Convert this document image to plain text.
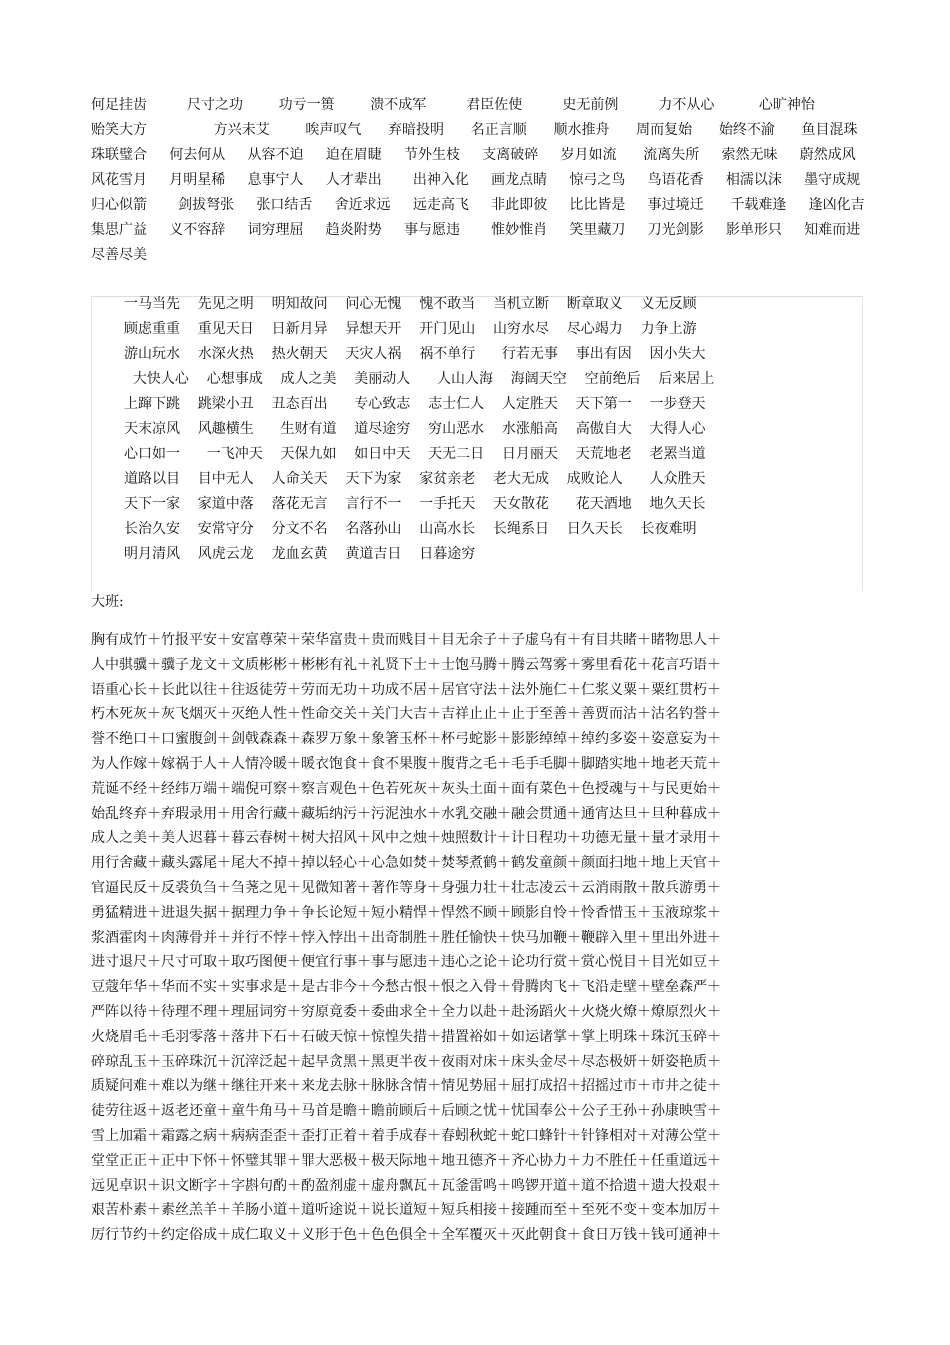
何足挂齿         尺寸之功        功亏一篑        溃不成军         君臣佐使         史无前例         力不从心          心旷神怡
贻笑大方               方兴未艾        唉声叹气      弃暗投明      名正言顺      顺水推舟      周而复始      始终不渝      鱼目混珠
珠联璧合     何去何从     从容不迫     迫在眉睫     节外生枝     支离破碎     岁月如流      流离失所     索然无味     蔚然成风
风花雪月     月明星稀     息事宁人     人才辈出       出神入化     画龙点睛     惊弓之鸟     鸟语花香     相濡以沫     墨守成规
归心似箭       剑拔弩张     张口结舌     舍近求远     远走高飞     非此即彼     比比皆是     事过境迁      千载难逢     逢凶化吉
集思广益     义不容辞     词穷理屈     趋炎附势     事与愿违       惟妙惟肖     笑里藏刀     刀光剑影     影单形只     知难而进
尽善尽美
一马当先    先见之明    明知故问    问心无愧    愧不敢当    当机立断    断章取义    义无反顾
顾虑重重    重见天日    日新月异    异想天开    开门见山    山穷水尽    尽心竭力    力争上游
游山玩水    水深火热    热火朝天    天灾人祸    祸不单行      行若无事    事出有因    因小失大
大快人心    心想事成    成人之美    美丽动人      人山人海    海阔天空    空前绝后    后来居上
上蹿下跳    跳梁小丑    丑态百出      专心致志    志士仁人    人定胜天    天下第一    一步登天
天末凉风    风趣横生      生财有道    道尽途穷    穷山恶水    水涨船高    高傲自大    大得人心
心口如一      一飞冲天    天保九如    如日中天    天无二日    日月丽天    天荒地老    老罴当道
道路以目    目中无人    人命关天    天下为家    家贫亲老    老大无成    成败论人      人众胜天
天下一家    家道中落    落花无言    言行不一    一手托天    天女散花      花天酒地    地久天长
长治久安    安常守分    分文不名    名落孙山    山高水长    长绳系日    日久天长    长夜难明
明月清风    风虎云龙    龙血玄黄    黄道吉日    日暮途穷
大班:
胸有成竹＋竹报平安＋安富尊荣＋荣华富贵＋贵而贱目＋目无余子＋子虚乌有＋有目共睹＋睹物思人＋
人中骐骥＋骥子龙文＋文质彬彬＋彬彬有礼＋礼贤下士＋士饱马腾＋腾云驾雾＋雾里看花＋花言巧语＋
语重心长＋长此以往＋往返徒劳＋劳而无功＋功成不居＋居官守法＋法外施仁＋仁浆义粟＋粟红贯朽＋
朽木死灰＋灰飞烟灭＋灭绝人性＋性命交关＋关门大吉＋吉祥止止＋止于至善＋善贾而沽＋沽名钓誉＋
誉不绝口＋口蜜腹剑＋剑戟森森＋森罗万象＋象箸玉杯＋杯弓蛇影＋影影绰绰＋绰约多姿＋姿意妄为＋
为人作嫁＋嫁祸于人＋人情冷暖＋暖衣饱食＋食不果腹＋腹背之毛＋毛手毛脚＋脚踏实地＋地老天荒＋
荒诞不经＋经纬万端＋端倪可察＋察言观色＋色若死灰＋灰头土面＋面有菜色＋色授魂与＋与民更始＋
始乱终弃＋弃瑕录用＋用舍行藏＋藏垢纳污＋污泥浊水＋水乳交融＋融会贯通＋通宵达旦＋旦种暮成＋
成人之美＋美人迟暮＋暮云春树＋树大招风＋风中之烛＋烛照数计＋计日程功＋功德无量＋量才录用＋
用行舍藏＋藏头露尾＋尾大不掉＋掉以轻心＋心急如焚＋焚琴煮鹤＋鹤发童颜＋颜面扫地＋地上天官＋
官逼民反＋反裘负刍＋刍荛之见＋见微知著＋著作等身＋身强力壮＋壮志凌云＋云消雨散＋散兵游勇＋
勇猛精进＋进退失据＋据理力争＋争长论短＋短小精悍＋悍然不顾＋顾影自怜＋怜香惜玉＋玉液琼浆＋
浆酒霍肉＋肉薄骨并＋并行不悖＋悖入悖出＋出奇制胜＋胜任愉快＋快马加鞭＋鞭辟入里＋里出外进＋
进寸退尺＋尺寸可取＋取巧图便＋便宜行事＋事与愿违＋违心之论＋论功行赏＋赏心悦目＋目光如豆＋
豆蔻年华＋华而不实＋实事求是＋是古非今＋今愁古恨＋恨之入骨＋骨腾肉飞＋飞沿走壁＋壁垒森严＋
严阵以待＋待理不理＋理屈词穷＋穷原竟委＋委曲求全＋全力以赴＋赴汤蹈火＋火烧火燎＋燎原烈火＋
火烧眉毛＋毛羽零落＋落井下石＋石破天惊＋惊惶失措＋措置裕如＋如运诸掌＋掌上明珠＋珠沉玉碎＋
碎琼乱玉＋玉碎珠沉＋沉滓泛起＋起早贪黑＋黑更半夜＋夜雨对床＋床头金尽＋尽态极妍＋妍姿艳质＋
质疑问难＋难以为继＋继往开来＋来龙去脉＋脉脉含情＋情见势屈＋屈打成招＋招摇过市＋市井之徒＋
徒劳往返＋返老还童＋童牛角马＋马首是瞻＋瞻前顾后＋后顾之忧＋忧国奉公＋公子王孙＋孙康映雪＋
雪上加霜＋霜露之病＋病病歪歪＋歪打正着＋着手成春＋春蚓秋蛇＋蛇口蜂针＋针锋相对＋对薄公堂＋
堂堂正正＋正中下怀＋怀璧其罪＋罪大恶极＋极天际地＋地丑德齐＋齐心协力＋力不胜任＋任重道远＋
远见卓识＋识文断字＋字斟句酌＋酌盈剂虚＋虚舟飘瓦＋瓦釜雷鸣＋鸣锣开道＋道不拾遗＋遗大投艰＋
艰苦朴素＋素丝羔羊＋羊肠小道＋道听途说＋说长道短＋短兵相接＋接踵而至＋至死不变＋变本加厉＋
厉行节约＋约定俗成＋成仁取义＋义形于色＋色色俱全＋全军覆灭＋灭此朝食＋食日万钱＋钱可通神＋
